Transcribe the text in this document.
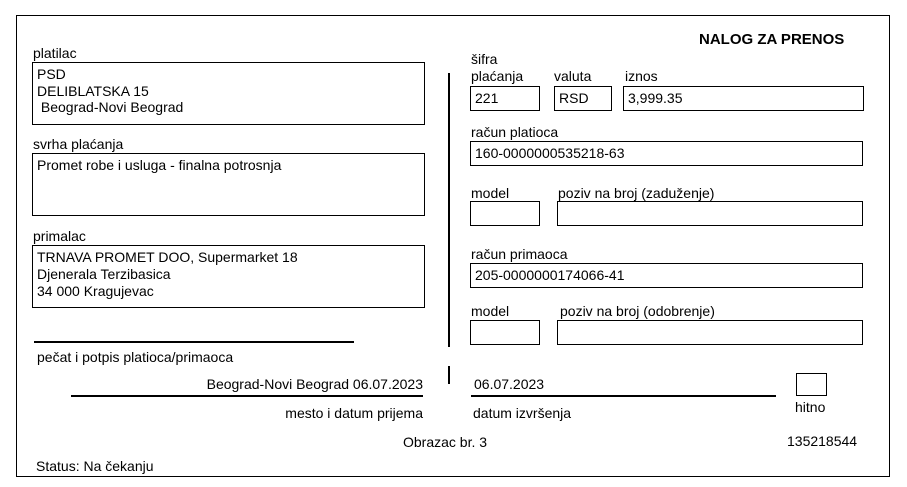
NALOG ZA PRENOS
platilac
PSD
DELIBLATSKA 15
Beograd-Novi Beograd
svrha plaćanja
Promet robe i usluga - finalna potrosnja
primalac
TRNAVA PROMET DOO, Supermarket 18
Djenerala Terzibasica
34 000 Kragujevac
pečat i potpis platioca/primaoca
Beograd-Novi Beograd 06.07.2023
mesto i datum prijema
šifra
plaćanja valuta iznos
221	RSD	3,999.35
račun platioca
160-0000000535218-63
model	poziv na broj (zaduženje)
račun primaoca
205-0000000174066-41
model	poziv na broj (odobrenje)
06.07.2023
datum izvršenja	hitno
Obrazac br. 3	135218544
Status: Na čekanju
